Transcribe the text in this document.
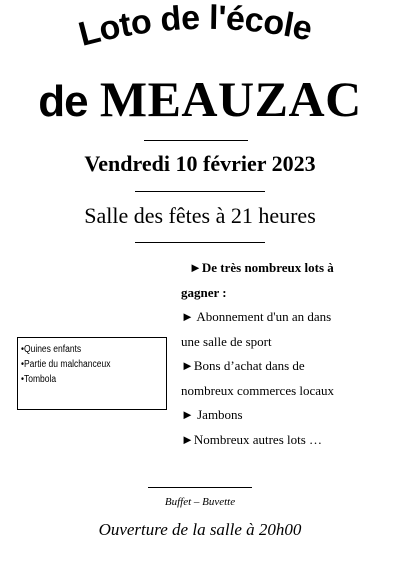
Loto de l'école
de MEAUZAC
Vendredi 10 février 2023
Salle des fêtes à 21 heures
►De très nombreux lots à
gagner :
► Abonnement d'un an dans
une salle de sport
►Bons d’achat dans de
nombreux commerces locaux
► Jambons
►Nombreux autres lots …
•Quines enfants
•Partie du malchanceux
•Tombola
Buffet – Buvette
Ouverture de la salle à 20h00
